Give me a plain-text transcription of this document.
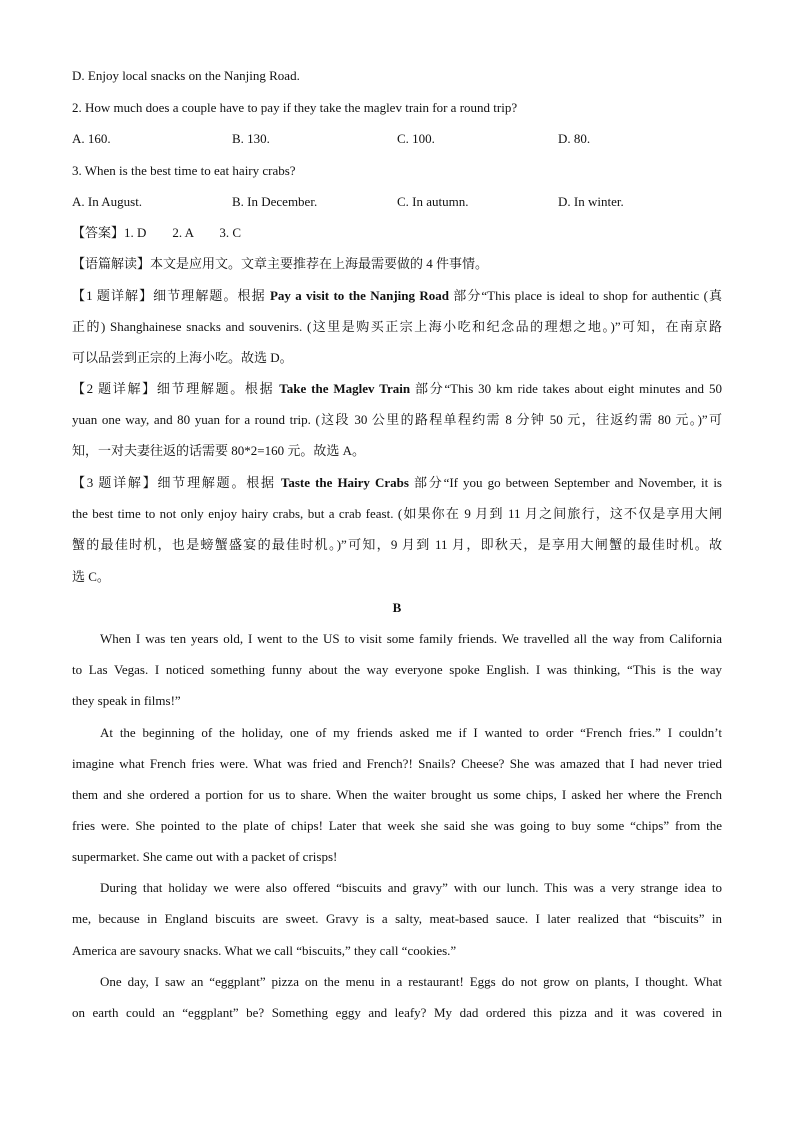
D. Enjoy local snacks on the Nanjing Road.
2. How much does a couple have to pay if they take the maglev train for a round trip?
A. 160.	B. 130.	C. 100.	D. 80.
3. When is the best time to eat hairy crabs?
A. In August.	B. In December.	C. In autumn.	D. In winter.
【答案】1. D        2. A        3. C
【语篇解读】本文是应用文。文章主要推荐在上海最需要做的 4 件事情。
【1 题详解】细节理解题。根据 Pay a visit to the Nanjing Road 部分“This place is ideal to shop for authentic (真
正的) Shanghainese snacks and souvenirs. (这里是购买正宗上海小吃和纪念品的理想之地。)”可知，在南京路
可以品尝到正宗的上海小吃。故选 D。
【2 题详解】细节理解题。根据 Take the Maglev Train 部分“This 30 km ride takes about eight minutes and 50
yuan one way, and 80 yuan for a round trip. (这段 30 公里的路程单程约需 8 分钟 50 元，往返约需 80 元。)”可
知，一对夫妻往返的话需要 80*2=160 元。故选 A。
【3 题详解】细节理解题。根据 Taste the Hairy Crabs 部分“If you go between September and November, it is
the best time to not only enjoy hairy crabs, but a crab feast. (如果你在 9 月到 11 月之间旅行，这不仅是享用大闸
蟹的最佳时机，也是螃蟹盛宴的最佳时机。)”可知，9 月到 11 月，即秋天，是享用大闸蟹的最佳时机。故
选 C。
B
When I was ten years old, I went to the US to visit some family friends. We travelled all the way from California
to Las Vegas. I noticed something funny about the way everyone spoke English. I was thinking, “This is the way
they speak in films!”
At the beginning of the holiday, one of my friends asked me if I wanted to order “French fries.” I couldn’t
imagine what French fries were. What was fried and French?! Snails? Cheese? She was amazed that I had never tried
them and she ordered a portion for us to share. When the waiter brought us some chips, I asked her where the French
fries were. She pointed to the plate of chips! Later that week she said she was going to buy some “chips” from the
supermarket. She came out with a packet of crisps!
During that holiday we were also offered “biscuits and gravy” with our lunch. This was a very strange idea to
me, because in England biscuits are sweet. Gravy is a salty, meat-based sauce. I later realized that “biscuits” in
America are savoury snacks. What we call “biscuits,” they call “cookies.”
One day, I saw an “eggplant” pizza on the menu in a restaurant! Eggs do not grow on plants, I thought. What
on earth could an “eggplant” be? Something eggy and leafy? My dad ordered this pizza and it was covered in
